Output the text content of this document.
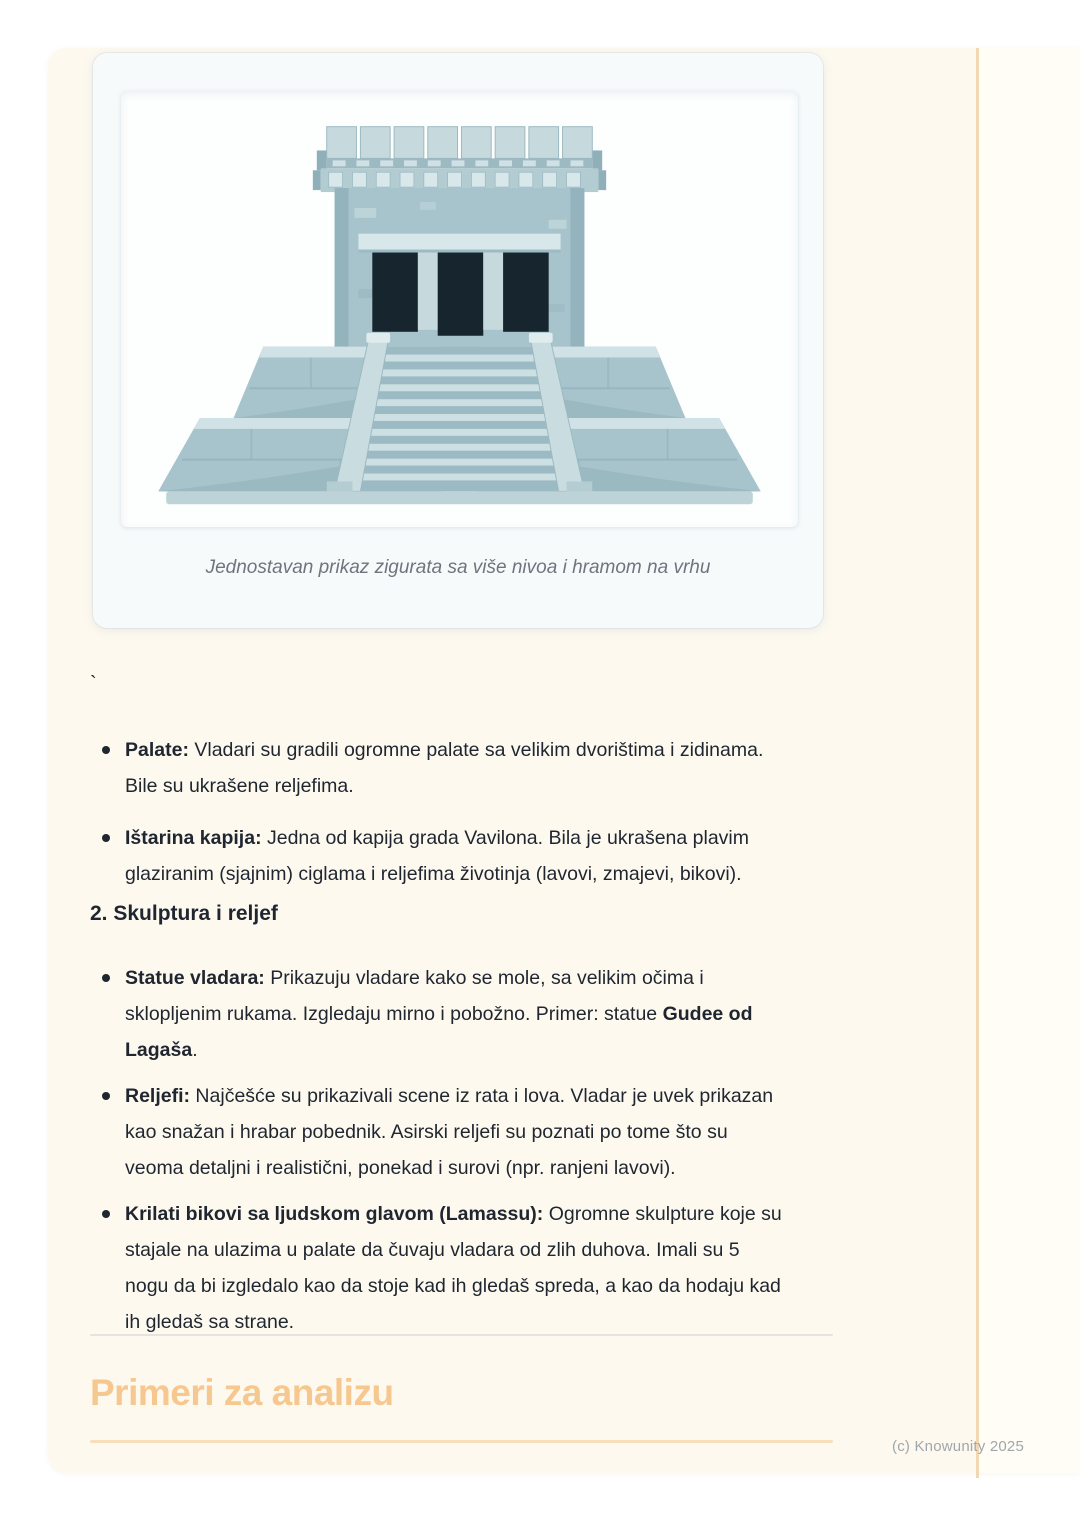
Jednostavan prikaz zigurata sa više nivoa i hramom na vrhu
`
Palate: Vladari su gradili ogromne palate sa velikim dvorištima i zidinama.
Bile su ukrašene reljefima.
Ištarina kapija: Jedna od kapija grada Vavilona. Bila je ukrašena plavim
glaziranim (sjajnim) ciglama i reljefima životinja (lavovi, zmajevi, bikovi).
2. Skulptura i reljef
Statue vladara: Prikazuju vladare kako se mole, sa velikim očima i
sklopljenim rukama. Izgledaju mirno i pobožno. Primer: statue Gudee od
Lagaša.
Reljefi: Najčešće su prikazivali scene iz rata i lova. Vladar je uvek prikazan
kao snažan i hrabar pobednik. Asirski reljefi su poznati po tome što su
veoma detaljni i realistični, ponekad i surovi (npr. ranjeni lavovi).
Krilati bikovi sa ljudskom glavom (Lamassu): Ogromne skulpture koje su
stajale na ulazima u palate da čuvaju vladara od zlih duhova. Imali su 5
nogu da bi izgledalo kao da stoje kad ih gledaš spreda, a kao da hodaju kad
ih gledaš sa strane.
Primeri za analizu
(c) Knowunity 2025
